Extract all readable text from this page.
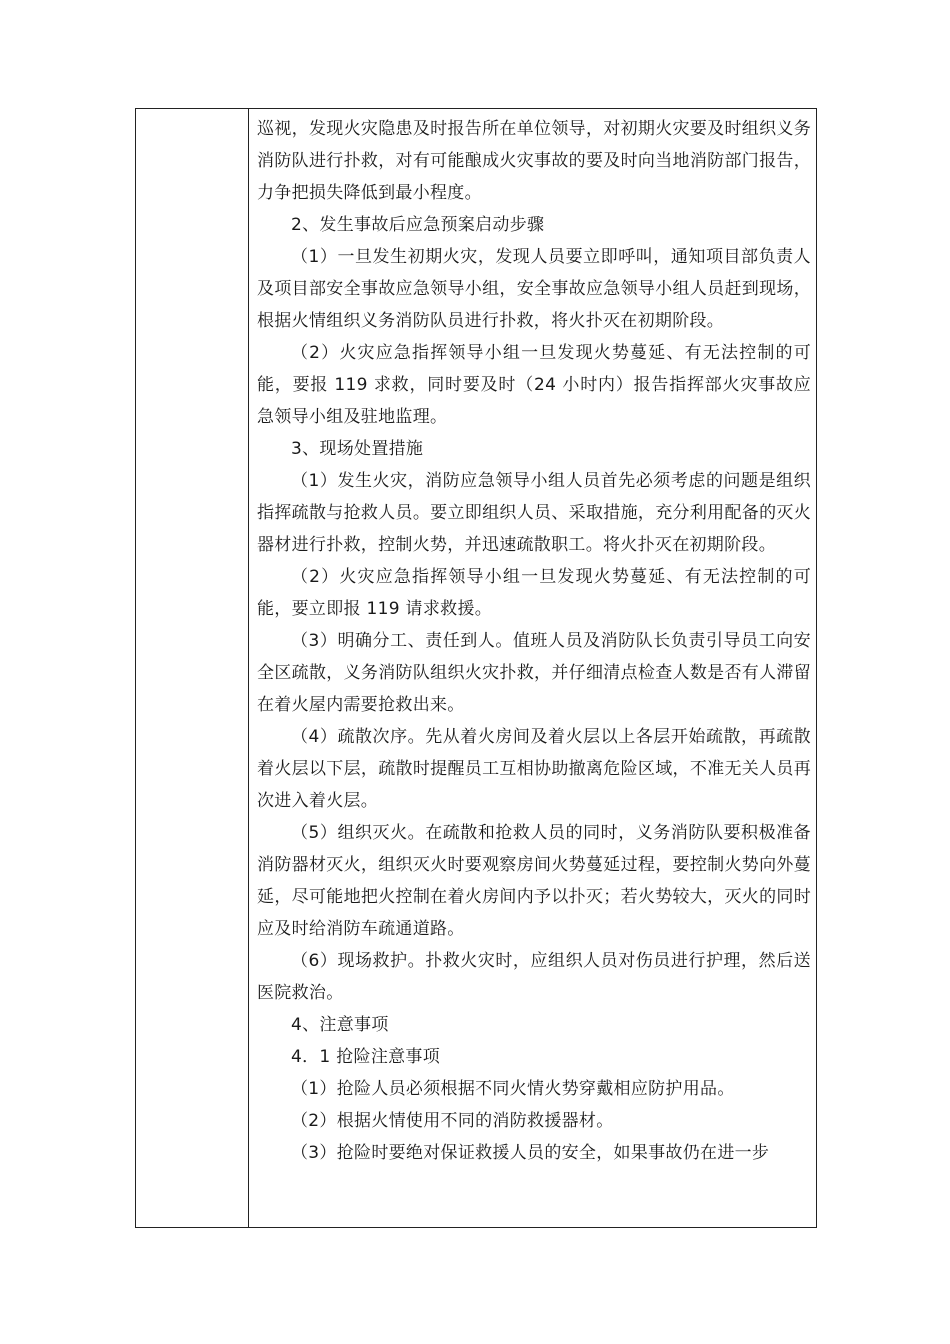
巡视，发现火灾隐患及时报告所在单位领导，对初期火灾要及时组织义务消防队进行扑救，对有可能酿成火灾事故的要及时向当地消防部门报告，力争把损失降低到最小程度。

2、发生事故后应急预案启动步骤

（1）一旦发生初期火灾，发现人员要立即呼叫，通知项目部负责人及项目部安全事故应急领导小组，安全事故应急领导小组人员赶到现场，根据火情组织义务消防队员进行扑救，将火扑灭在初期阶段。

（2）火灾应急指挥领导小组一旦发现火势蔓延、有无法控制的可能，要报 119 求救，同时要及时（24 小时内）报告指挥部火灾事故应急领导小组及驻地监理。

3、现场处置措施

（1）发生火灾，消防应急领导小组人员首先必须考虑的问题是组织指挥疏散与抢救人员。要立即组织人员、采取措施，充分利用配备的灭火器材进行扑救，控制火势，并迅速疏散职工。将火扑灭在初期阶段。

（2）火灾应急指挥领导小组一旦发现火势蔓延、有无法控制的可能，要立即报 119 请求救援。

（3）明确分工、责任到人。值班人员及消防队长负责引导员工向安全区疏散，义务消防队组织火灾扑救，并仔细清点检查人数是否有人滞留在着火屋内需要抢救出来。

（4）疏散次序。先从着火房间及着火层以上各层开始疏散，再疏散着火层以下层，疏散时提醒员工互相协助撤离危险区域，不准无关人员再次进入着火层。

（5）组织灭火。在疏散和抢救人员的同时，义务消防队要积极准备消防器材灭火，组织灭火时要观察房间火势蔓延过程，要控制火势向外蔓延，尽可能地把火控制在着火房间内予以扑灭；若火势较大，灭火的同时应及时给消防车疏通道路。

（6）现场救护。扑救火灾时，应组织人员对伤员进行护理，然后送医院救治。

4、注意事项

4．1 抢险注意事项

（1）抢险人员必须根据不同火情火势穿戴相应防护用品。

（2）根据火情使用不同的消防救援器材。

（3）抢险时要绝对保证救援人员的安全，如果事故仍在进一步
